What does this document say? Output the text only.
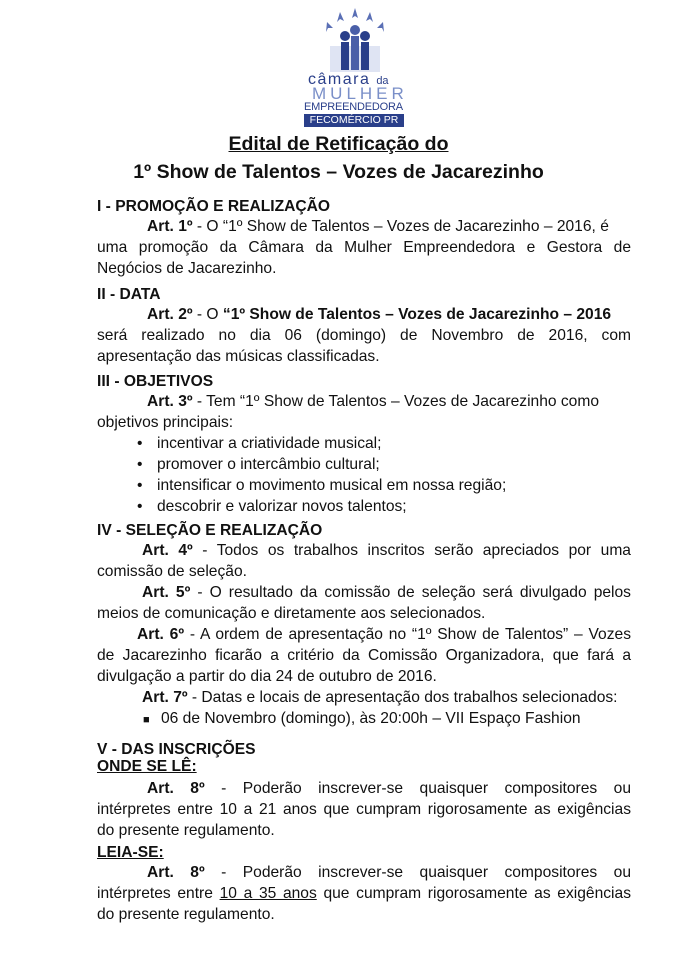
câmara da
MULHER
EMPREENDEDORA
FECOMÉRCIO PR
Edital de Retificação do
1º Show de Talentos – Vozes de Jacarezinho
I - PROMOÇÃO E REALIZAÇÃO
Art. 1º - O “1º Show de Talentos – Vozes de Jacarezinho – 2016, é
uma promoção da Câmara da Mulher Empreendedora e Gestora de
Negócios de Jacarezinho.
II - DATA
Art. 2º - O “1º Show de Talentos – Vozes de Jacarezinho – 2016
será realizado no dia 06 (domingo) de Novembro de 2016, com
apresentação das músicas classificadas.
III - OBJETIVOS
Art. 3º - Tem “1º Show de Talentos – Vozes de Jacarezinho como
objetivos principais:
• incentivar a criatividade musical;
• promover o intercâmbio cultural;
• intensificar o movimento musical em nossa região;
• descobrir e valorizar novos talentos;
IV - SELEÇÃO E REALIZAÇÃO
Art. 4º - Todos os trabalhos inscritos serão apreciados por uma
comissão de seleção.
Art. 5º - O resultado da comissão de seleção será divulgado pelos
meios de comunicação e diretamente aos selecionados.
Art. 6º - A ordem de apresentação no “1º Show de Talentos” – Vozes
de Jacarezinho ficarão a critério da Comissão Organizadora, que fará a
divulgação a partir do dia 24 de outubro de 2016.
Art. 7º - Datas e locais de apresentação dos trabalhos selecionados:
■ 06 de Novembro (domingo), às 20:00h – VII Espaço Fashion
V - DAS INSCRIÇÕES
ONDE SE LÊ:
Art. 8º - Poderão inscrever-se quaisquer compositores ou
intérpretes entre 10 a 21 anos que cumpram rigorosamente as exigências
do presente regulamento.
LEIA-SE:
Art. 8º - Poderão inscrever-se quaisquer compositores ou
intérpretes entre 10 a 35 anos que cumpram rigorosamente as exigências
do presente regulamento.
